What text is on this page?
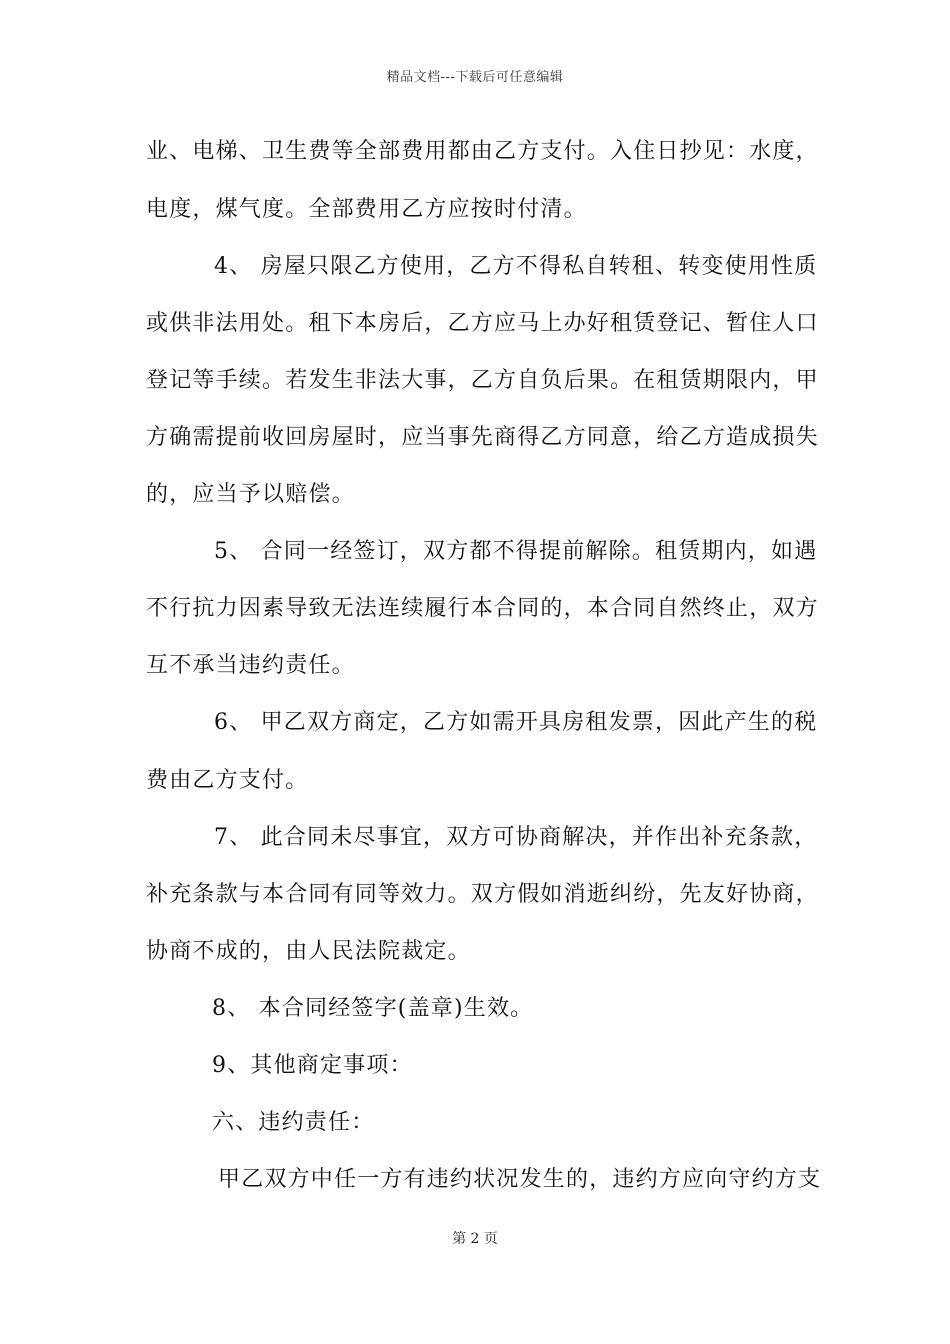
精品文档---下载后可任意编辑
业、电梯、卫生费等全部费用都由乙方支付。入住日抄见：水度，
电度，煤气度。全部费用乙方应按时付清。
4、 房屋只限乙方使用，乙方不得私自转租、转变使用性质
或供非法用处。租下本房后，乙方应马上办好租赁登记、暂住人口
登记等手续。若发生非法大事，乙方自负后果。在租赁期限内，甲
方确需提前收回房屋时，应当事先商得乙方同意，给乙方造成损失
的，应当予以赔偿。
5、 合同一经签订，双方都不得提前解除。租赁期内，如遇
不行抗力因素导致无法连续履行本合同的，本合同自然终止，双方
互不承当违约责任。
6、 甲乙双方商定，乙方如需开具房租发票，因此产生的税
费由乙方支付。
7、 此合同未尽事宜，双方可协商解决，并作出补充条款，
补充条款与本合同有同等效力。双方假如消逝纠纷，先友好协商，
协商不成的，由人民法院裁定。
8、 本合同经签字(盖章)生效。
9、其他商定事项：
六、违约责任：
甲乙双方中任一方有违约状况发生的，违约方应向守约方支
第 2 页
